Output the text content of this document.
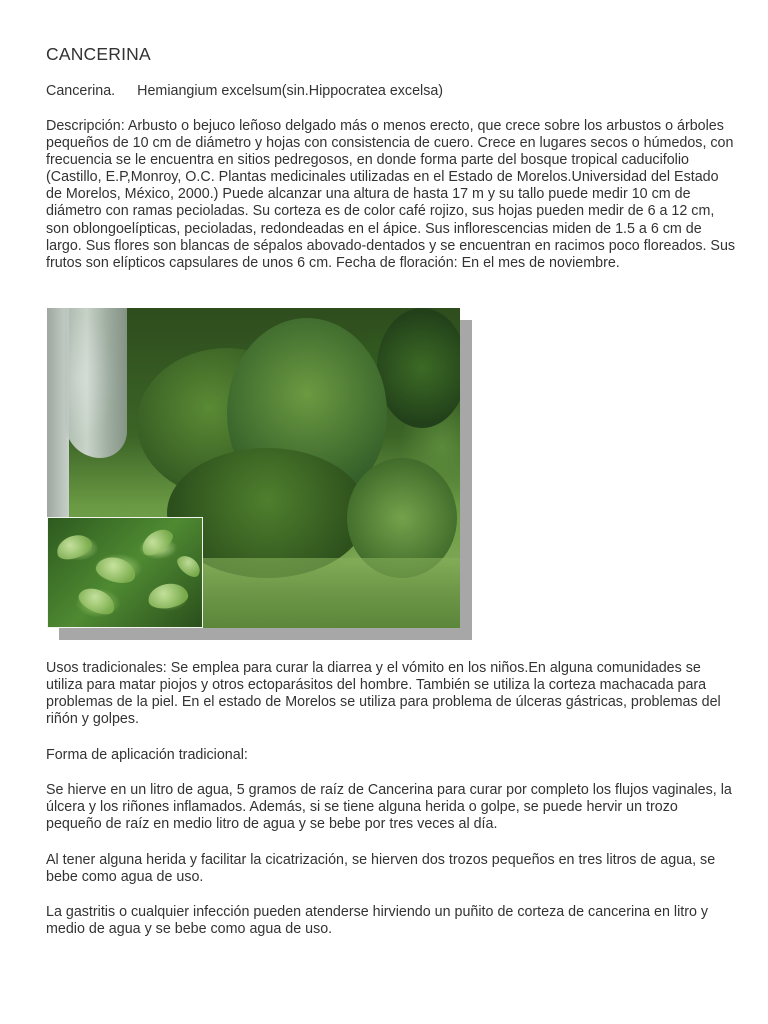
CANCERINA

Cancerina. Hemiangium excelsum(sin.Hippocratea excelsa)

Descripción: Arbusto o bejuco leñoso delgado más o menos erecto, que crece sobre los arbustos o árboles pequeños de 10 cm de diámetro y hojas con consistencia de cuero. Crece en lugares secos o húmedos, con frecuencia se le encuentra en sitios pedregosos, en donde forma parte del bosque tropical caducifolio (Castillo, E.P,Monroy, O.C. Plantas medicinales utilizadas en el Estado de Morelos.Universidad del Estado de Morelos, México, 2000.) Puede alcanzar una altura de hasta 17 m y su tallo puede medir 10 cm de diámetro con ramas pecioladas. Su corteza es de color café rojizo, sus hojas pueden medir de 6 a 12 cm, son oblongoelípticas, pecioladas, redondeadas en el ápice. Sus inflorescencias miden de 1.5 a 6 cm de largo. Sus flores son blancas de sépalos abovado-dentados y se encuentran en racimos poco floreados. Sus frutos son elípticos capsulares de unos 6 cm. Fecha de floración: En el mes de noviembre.

Usos tradicionales: Se emplea para curar la diarrea y el vómito en los niños.En alguna comunidades se utiliza para matar piojos y otros ectoparásitos del hombre. También se utiliza la corteza machacada para problemas de la piel. En el estado de Morelos se utiliza para problema de úlceras gástricas, problemas del riñón y golpes.

Forma de aplicación tradicional:

Se hierve en un litro de agua, 5 gramos de raíz de Cancerina para curar por completo los flujos vaginales, la úlcera y los riñones inflamados. Además, si se tiene alguna herida o golpe, se puede hervir un trozo pequeño de raíz en medio litro de agua y se bebe por tres veces al día.

Al tener alguna herida y facilitar la cicatrización, se hierven dos trozos pequeños en tres litros de agua, se bebe como agua de uso.

La gastritis o cualquier infección pueden atenderse hirviendo un puñito de corteza de cancerina en litro y medio de agua y se bebe como agua de uso.
